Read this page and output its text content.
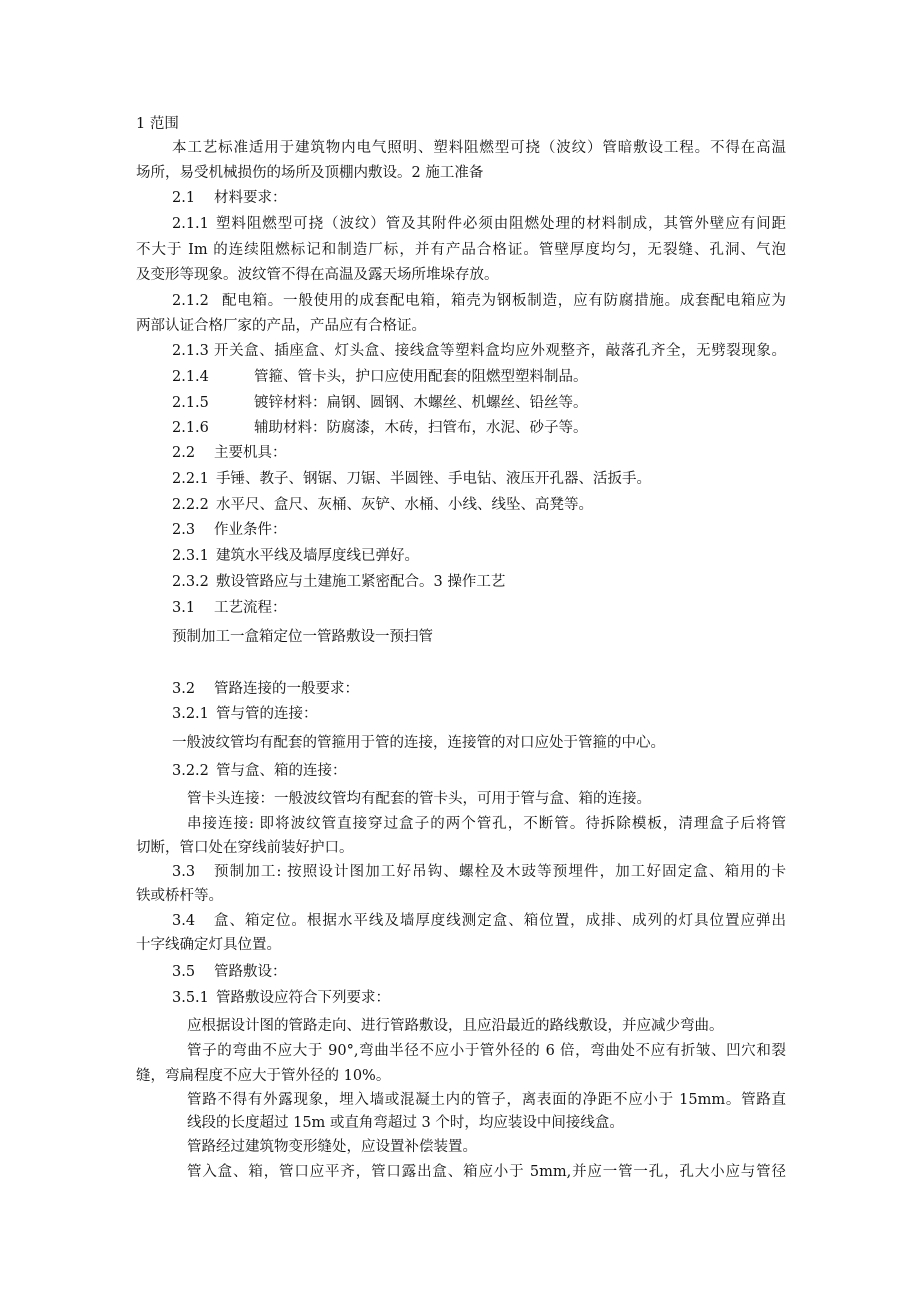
1 范围
本工艺标准适用于建筑物内电气照明、塑料阻燃型可挠（波纹）管暗敷设工程。不得在高温
场所，易受机械损伤的场所及顶棚内敷设。2 施工准备
2.1 材料要求：
2.1.1 塑料阻燃型可挠（波纹）管及其附件必须由阻燃处理的材料制成，其管外壁应有间距
不大于 Im 的连续阻燃标记和制造厂标，并有产品合格证。管壁厚度均匀，无裂缝、孔洞、气泡
及变形等现象。波纹管不得在高温及露天场所堆垛存放。
2.1.2 配电箱。一般使用的成套配电箱，箱壳为钢板制造，应有防腐措施。成套配电箱应为
两部认证合格厂家的产品，产品应有合格证。
2.1.3 开关盒、插座盒、灯头盒、接线盒等塑料盒均应外观整齐，敲落孔齐全，无劈裂现象。
2.1.4	管箍、管卡头，护口应使用配套的阻燃型塑料制品。
2.1.5	镀锌材料：扁钢、圆钢、木螺丝、机螺丝、铅丝等。
2.1.6	辅助材料：防腐漆，木砖，扫管布，水泥、砂子等。
2.2 主要机具：
2.2.1 手锤、教子、钢锯、刀锯、半圆锉、手电钻、液压开孔器、活扳手。
2.2.2 水平尺、盒尺、灰桶、灰铲、水桶、小线、线坠、高凳等。
2.3 作业条件：
2.3.1 建筑水平线及墙厚度线已弹好。
2.3.2 敷设管路应与土建施工紧密配合。3 操作工艺
3.1 工艺流程：
预制加工一盒箱定位一管路敷设一预扫管
3.2 管路连接的一般要求：
3.2.1 管与管的连接：
一般波纹管均有配套的管箍用于管的连接，连接管的对口应处于管箍的中心。
3.2.2 管与盒、箱的连接：
管卡头连接：一般波纹管均有配套的管卡头，可用于管与盒、箱的连接。
串接连接: 即将波纹管直接穿过盒子的两个管孔，不断管。待拆除模板，清理盒子后将管
切断，管口处在穿线前装好护口。
3.3 预制加工: 按照设计图加工好吊钩、螺栓及木豉等预埋件，加工好固定盒、箱用的卡
铁或桥杆等。
3.4 盒、箱定位。根据水平线及墙厚度线测定盒、箱位置，成排、成列的灯具位置应弹出
十字线确定灯具位置。
3.5 管路敷设：
3.5.1 管路敷设应符合下列要求：
应根据设计图的管路走向、进行管路敷设，且应沿最近的路线敷设，并应减少弯曲。
管子的弯曲不应大于 90°,弯曲半径不应小于管外径的 6 倍，弯曲处不应有折皱、凹穴和裂
缝，弯扁程度不应大于管外径的 10%。
管路不得有外露现象，埋入墙或混凝土内的管子，离表面的净距不应小于 15mm。管路直
线段的长度超过 15m 或直角弯超过 3 个时，均应装设中间接线盒。
管路经过建筑物变形缝处，应设置补偿装置。
管入盒、箱，管口应平齐，管口露出盒、箱应小于 5mm,并应一管一孔，孔大小应与管径
